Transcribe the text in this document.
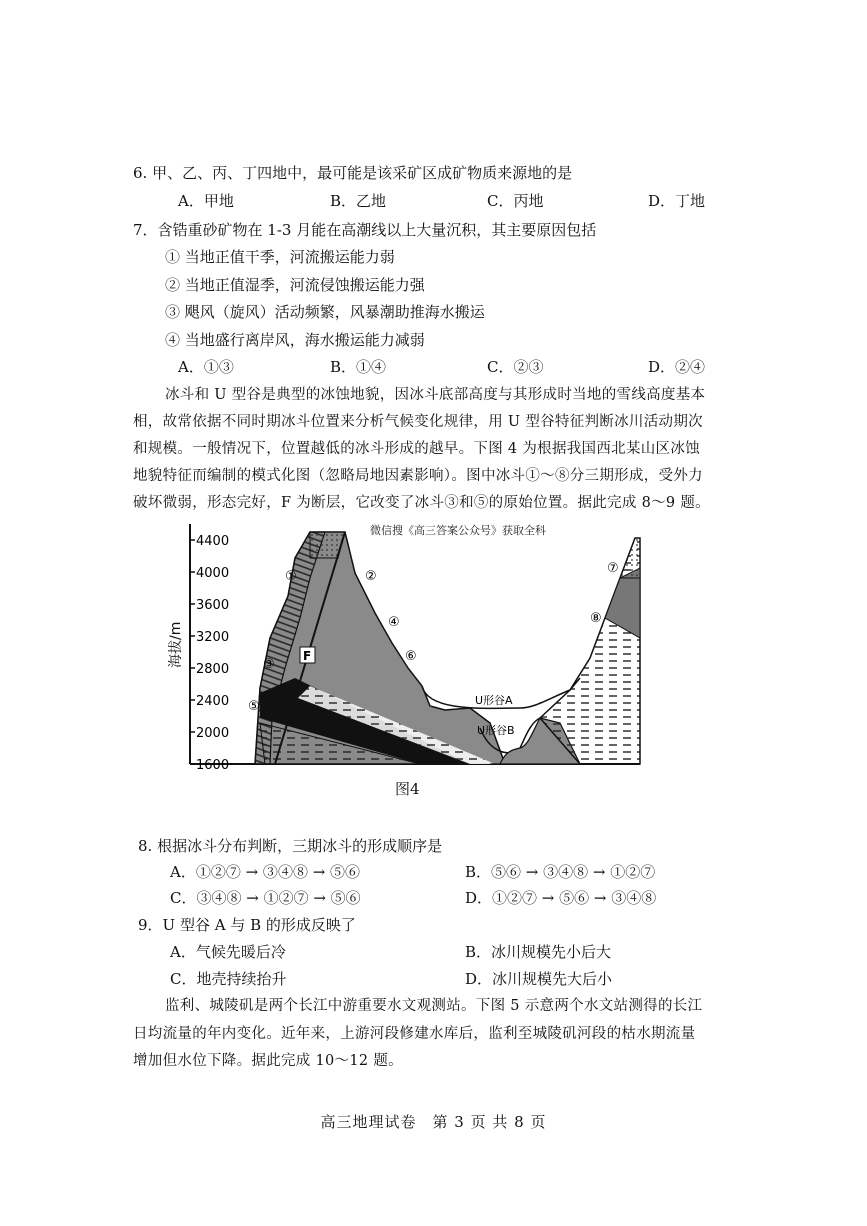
6. 甲、乙、丙、丁四地中，最可能是该采矿区成矿物质来源地的是
A．甲地	B．乙地	C．丙地	D．丁地
7．含锆重砂矿物在 1-3 月能在高潮线以上大量沉积，其主要原因包括
① 当地正值干季，河流搬运能力弱
② 当地正值湿季，河流侵蚀搬运能力强
③ 飓风（旋风）活动频繁，风暴潮助推海水搬运
④ 当地盛行离岸风，海水搬运能力减弱
A．①③	B．①④	C．②③	D．②④
冰斗和 U 型谷是典型的冰蚀地貌，因冰斗底部高度与其形成时当地的雪线高度基本
相，故常依据不同时期冰斗位置来分析气候变化规律，用 U 型谷特征判断冰川活动期次
和规模。一般情况下，位置越低的冰斗形成的越早。下图 4 为根据我国西北某山区冰蚀
地貌特征而编制的模式化图（忽略局地因素影响）。图中冰斗①～⑧分三期形成，受外力
破坏微弱，形态完好，F 为断层，它改变了冰斗③和⑤的原始位置。据此完成 8～9 题。
微信搜《高三答案公众号》获取全科
海拔/m
4400
4000
3600
3200
2800
2400
2000
1600
①	②
③
④
⑤
⑥
⑦
⑧
F
U形谷A
U形谷B
图4
8. 根据冰斗分布判断，三期冰斗的形成顺序是
A．①②⑦ → ③④⑧ → ⑤⑥	B．⑤⑥ → ③④⑧ → ①②⑦
C．③④⑧ → ①②⑦ → ⑤⑥	D．①②⑦ → ⑤⑥ → ③④⑧
9．U 型谷 A 与 B 的形成反映了
A．气候先暖后冷	B．冰川规模先小后大
C．地壳持续抬升	D．冰川规模先大后小
监利、城陵矶是两个长江中游重要水文观测站。下图 5 示意两个水文站测得的长江
日均流量的年内变化。近年来，上游河段修建水库后，监利至城陵矶河段的枯水期流量
增加但水位下降。据此完成 10～12 题。
高三地理试卷　第 3 页 共 8 页
